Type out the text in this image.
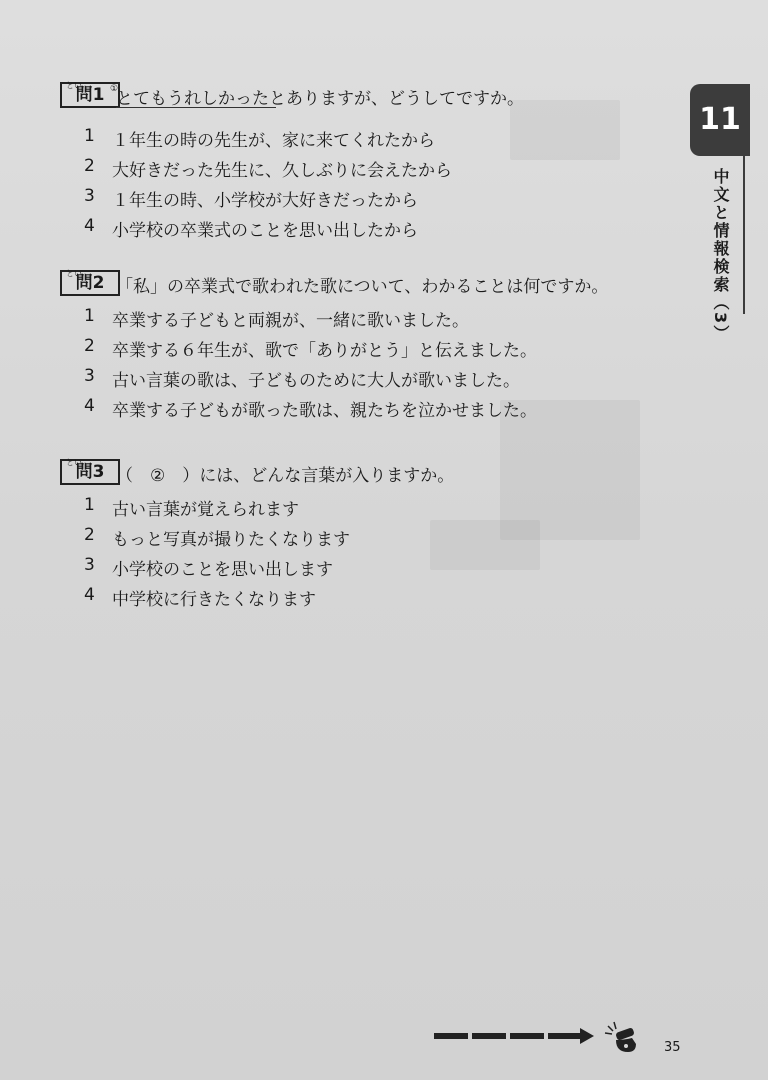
11
中文と情報検索（3）
とい
問1 ①
とてもうれしかったとありますが、どうしてですか。
1 １年生の時の先生が、家に来てくれたから
2 大好きだった先生に、久しぶりに会えたから
3 １年生の時、小学校が大好きだったから
4 小学校の卒業式のことを思い出したから
とい
問2 「私」の卒業式で歌われた歌について、わかることは何ですか。
1 卒業する子どもと両親が、一緒に歌いました。
2 卒業する６年生が、歌で「ありがとう」と伝えました。
3 古い言葉の歌は、子どものために大人が歌いました。
4 卒業する子どもが歌った歌は、親たちを泣かせました。
とい
問3 （　②　）には、どんな言葉が入りますか。
1 古い言葉が覚えられます
2 もっと写真が撮りたくなります
3 小学校のことを思い出します
4 中学校に行きたくなります
35
